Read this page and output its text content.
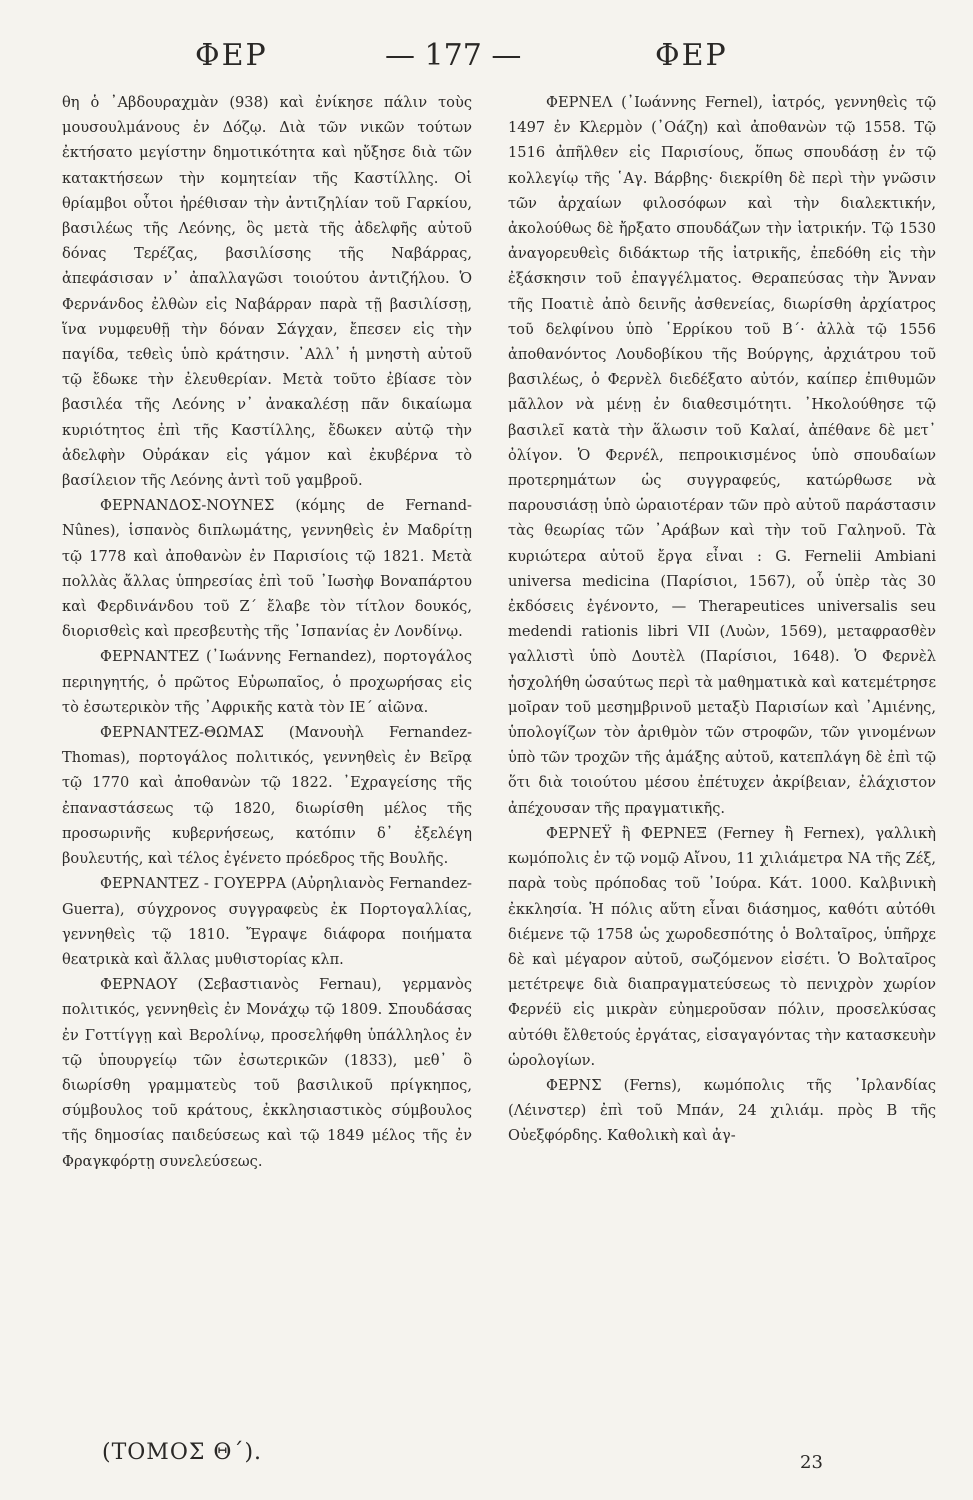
ΦΕΡ	— 177 —	ΦΕΡ

θη ὁ ᾿Αβδουραχμὰν (938) καὶ ἐνίκησε πάλιν τοὺς μουσουλμάνους ἐν Δόζῳ. Διὰ τῶν νικῶν τούτων ἐκτήσατο μεγίστην δημοτικότητα καὶ ηὔξησε διὰ τῶν κατακτήσεων τὴν κομητείαν τῆς Καστίλλης. Οἱ θρίαμβοι οὗτοι ἠρέθισαν τὴν ἀντιζηλίαν τοῦ Γαρκίου, βασιλέως τῆς Λεόνης, ὃς μετὰ τῆς ἀδελφῆς αὐτοῦ δόνας Τερέζας, βασιλίσσης τῆς Ναβάρρας, ἀπεφάσισαν ν᾿ ἀπαλλαγῶσι τοιούτου ἀντιζήλου. Ὁ Φερνάνδος ἐλθὼν εἰς Ναβάρραν παρὰ τῇ βασιλίσσῃ, ἵνα νυμφευθῇ τὴν δόναν Σάγχαν, ἔπεσεν εἰς τὴν παγίδα, τεθεὶς ὑπὸ κράτησιν. ᾿Αλλ᾿ ἡ μνηστὴ αὐτοῦ τῷ ἔδωκε τὴν ἐλευθερίαν. Μετὰ τοῦτο ἐβίασε τὸν βασιλέα τῆς Λεόνης ν᾿ ἀνακαλέσῃ πᾶν δικαίωμα κυριότητος ἐπὶ τῆς Καστίλλης, ἔδωκεν αὐτῷ τὴν ἀδελφὴν Οὐράκαν εἰς γάμον καὶ ἐκυβέρνα τὸ βασίλειον τῆς Λεόνης ἀντὶ τοῦ γαμβροῦ.

ΦΕΡΝΑΝΔΟΣ-ΝΟΥΝΕΣ (κόμης de Fernand-Nûnes), ἱσπανὸς διπλωμάτης, γεννηθεὶς ἐν Μαδρίτῃ τῷ 1778 καὶ ἀποθανὼν ἐν Παρισίοις τῷ 1821. Μετὰ πολλὰς ἄλλας ὑπηρεσίας ἐπὶ τοῦ ᾿Ιωσὴφ Βοναπάρτου καὶ Φερδινάνδου τοῦ Ζ´ ἔλαβε τὸν τίτλον δουκός, διορισθεὶς καὶ πρεσβευτὴς τῆς ᾿Ισπανίας ἐν Λονδίνῳ.

ΦΕΡΝΑΝΤΕΖ (᾿Ιωάννης Fernandez), πορτογάλος περιηγητής, ὁ πρῶτος Εὐρωπαῖος, ὁ προχωρήσας εἰς τὸ ἐσωτερικὸν τῆς ᾿Αφρικῆς κατὰ τὸν ΙΕ´ αἰῶνα.

ΦΕΡΝΑΝΤΕΖ-ΘΩΜΑΣ (Μανουὴλ Fernandez-Thomas), πορτογάλος πολιτικός, γεννηθεὶς ἐν Βεῖρᾳ τῷ 1770 καὶ ἀποθανὼν τῷ 1822. ᾿Εχραγείσης τῆς ἐπαναστάσεως τῷ 1820, διωρίσθη μέλος τῆς προσωρινῆς κυβερνήσεως, κατόπιν δ᾿ ἐξελέγη βουλευτής, καὶ τέλος ἐγένετο πρόεδρος τῆς Βουλῆς.

ΦΕΡΝΑΝΤΕΖ - ΓΟΥΕΡΡΑ (Αὐρηλιανὸς Fernandez-Guerra), σύγχρονος συγγραφεὺς ἐκ Πορτογαλλίας, γεννηθεὶς τῷ 1810. Ἔγραψε διάφορα ποιήματα θεατρικὰ καὶ ἄλλας μυθιστορίας κλπ.

ΦΕΡΝΑΟΥ (Σεβαστιανὸς Fernau), γερμανὸς πολιτικός, γεννηθεὶς ἐν Μονάχῳ τῷ 1809. Σπουδάσας ἐν Γοττίγγῃ καὶ Βερολίνῳ, προσελήφθη ὑπάλληλος ἐν τῷ ὑπουργείῳ τῶν ἐσωτερικῶν (1833), μεθ᾿ ὃ διωρίσθη γραμματεὺς τοῦ βασιλικοῦ πρίγκηπος, σύμβουλος τοῦ κράτους, ἐκκλησιαστικὸς σύμβουλος τῆς δημοσίας παιδεύσεως καὶ τῷ 1849 μέλος τῆς ἐν Φραγκφόρτῃ συνελεύσεως.

ΦΕΡΝΕΛ (᾿Ιωάννης Fernel), ἰατρός, γεννηθεὶς τῷ 1497 ἐν Κλερμὸν (᾿Οάζη) καὶ ἀποθανὼν τῷ 1558. Τῷ 1516 ἀπῆλθεν εἰς Παρισίους, ὅπως σπουδάσῃ ἐν τῷ κολλεγίῳ τῆς ῾Αγ. Βάρβης· διεκρίθη δὲ περὶ τὴν γνῶσιν τῶν ἀρχαίων φιλοσόφων καὶ τὴν διαλεκτικήν, ἀκολούθως δὲ ἤρξατο σπουδάζων τὴν ἰατρικήν. Τῷ 1530 ἀναγορευθεὶς διδάκτωρ τῆς ἰατρικῆς, ἐπεδόθη εἰς τὴν ἐξάσκησιν τοῦ ἐπαγγέλματος. Θεραπεύσας τὴν Ἄνναν τῆς Ποατιὲ ἀπὸ δεινῆς ἀσθενείας, διωρίσθη ἀρχίατρος τοῦ δελφίνου ὑπὸ ῾Ερρίκου τοῦ Β´· ἀλλὰ τῷ 1556 ἀποθανόντος Λουδοβίκου τῆς Βούργης, ἀρχιάτρου τοῦ βασιλέως, ὁ Φερνὲλ διεδέξατο αὐτόν, καίπερ ἐπιθυμῶν μᾶλλον νὰ μένῃ ἐν διαθεσιμότητι. ᾿Ηκολούθησε τῷ βασιλεῖ κατὰ τὴν ἅλωσιν τοῦ Καλαί, ἀπέθανε δὲ μετ᾿ ὀλίγον. Ὁ Φερνέλ, πεπροικισμένος ὑπὸ σπουδαίων προτερημάτων ὡς συγγραφεύς, κατώρθωσε νὰ παρουσιάσῃ ὑπὸ ὡραιοτέραν τῶν πρὸ αὐτοῦ παράστασιν τὰς θεωρίας τῶν ᾿Αράβων καὶ τὴν τοῦ Γαληνοῦ. Τὰ κυριώτερα αὐτοῦ ἔργα εἶναι : G. Fernelii Ambiani universa medicina (Παρίσιοι, 1567), οὗ ὑπὲρ τὰς 30 ἐκδόσεις ἐγένοντο, — Therapeutices universalis seu medendi rationis libri VII (Λυὼν, 1569), μεταφρασθὲν γαλλιστὶ ὑπὸ Δουτὲλ (Παρίσιοι, 1648). Ὁ Φερνὲλ ἠσχολήθη ὡσαύτως περὶ τὰ μαθηματικὰ καὶ κατεμέτρησε μοῖραν τοῦ μεσημβρινοῦ μεταξὺ Παρισίων καὶ ᾿Αμιένης, ὑπολογίζων τὸν ἀριθμὸν τῶν στροφῶν, τῶν γινομένων ὑπὸ τῶν τροχῶν τῆς ἁμάξης αὐτοῦ, κατεπλάγη δὲ ἐπὶ τῷ ὅτι διὰ τοιούτου μέσου ἐπέτυχεν ἀκρίβειαν, ἐλάχιστον ἀπέχουσαν τῆς πραγματικῆς.

ΦΕΡΝΕΫ ἢ ΦΕΡΝΕΞ (Ferney ἢ Fernex), γαλλικὴ κωμόπολις ἐν τῷ νομῷ Αἴνου, 11 χιλιάμετρα ΝΑ τῆς Ζέξ, παρὰ τοὺς πρόποδας τοῦ ᾿Ιούρα. Κάτ. 1000. Καλβινικὴ ἐκκλησία. Ἡ πόλις αὕτη εἶναι διάσημος, καθότι αὐτόθι διέμενε τῷ 1758 ὡς χωροδεσπότης ὁ Βολταῖρος, ὑπῆρχε δὲ καὶ μέγαρον αὐτοῦ, σωζόμενον εἰσέτι. Ὁ Βολταῖρος μετέτρεψε διὰ διαπραγματεύσεως τὸ πενιχρὸν χωρίον Φερνέϋ εἰς μικρὰν εὐημεροῦσαν πόλιν, προσελκύσας αὐτόθι ἔλθετούς ἐργάτας, εἰσαγαγόντας τὴν κατασκευὴν ὡρολογίων.

ΦΕΡΝΣ (Ferns), κωμόπολις τῆς ᾿Ιρλανδίας (Λέινστερ) ἐπὶ τοῦ Μπάν, 24 χιλιάμ. πρὸς Β τῆς Οὐεξφόρδης. Καθολικὴ καὶ ἀγ-

(ΤΟΜΟΣ Θ´).	23
